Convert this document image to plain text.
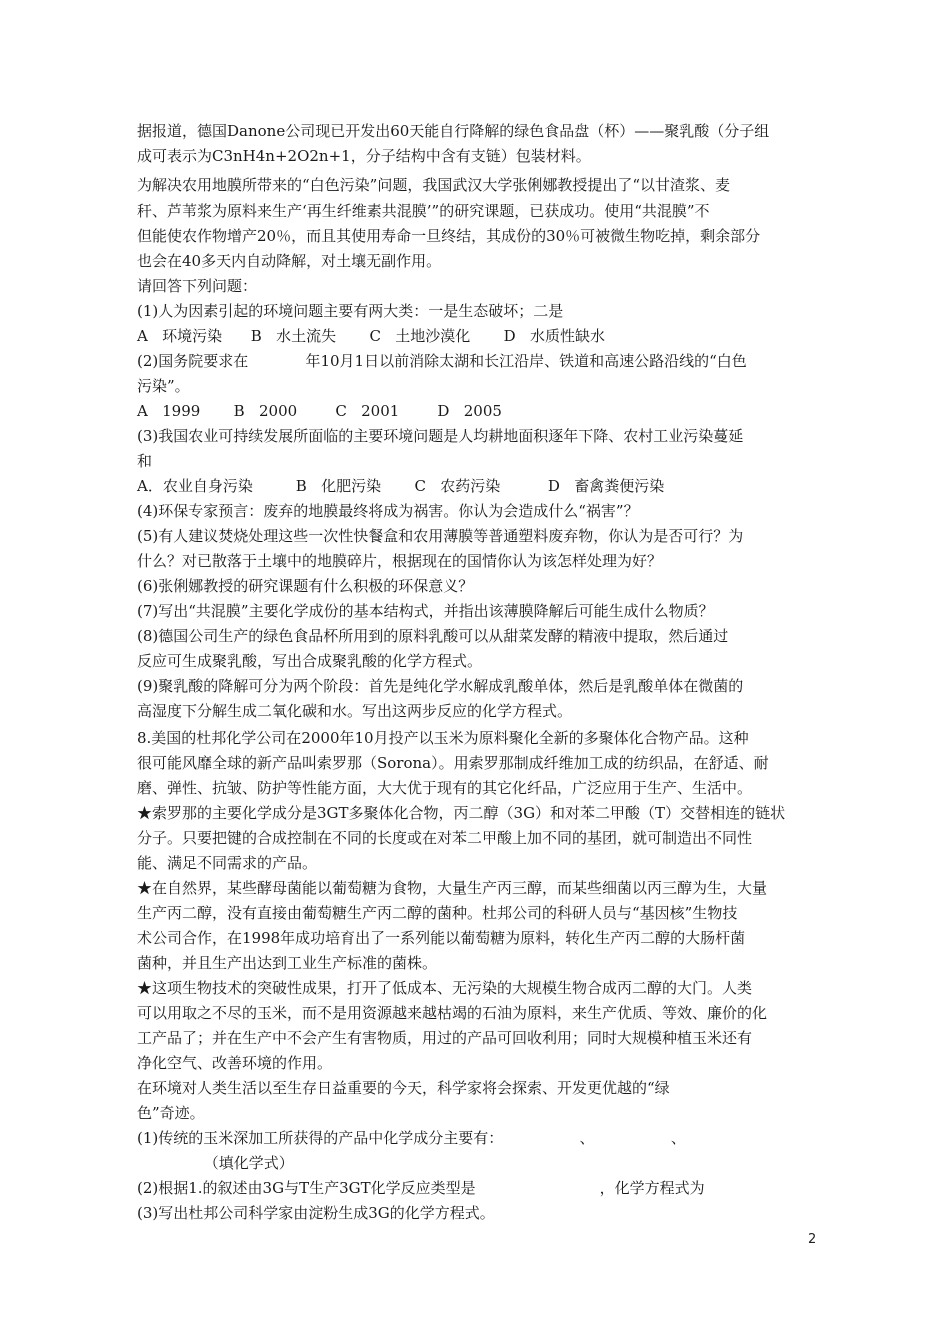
据报道，德国Danone公司现已开发出60天能自行降解的绿色食品盘（杯）——聚乳酸（分子组
成可表示为C3nH4n+2O2n+1，分子结构中含有支链）包装材料。
为解决农用地膜所带来的“白色污染”问题，我国武汉大学张俐娜教授提出了“以甘渣浆、麦
秆、芦苇浆为原料来生产‘再生纤维素共混膜’”的研究课题，已获成功。使用“共混膜”不
但能使农作物增产20％，而且其使用寿命一旦终结，其成份的30％可被微生物吃掉，剩余部分
也会在40多天内自动降解，对土壤无副作用。
请回答下列问题：
(1)人为因素引起的环境问题主要有两大类：一是生态破坏；二是
A   环境污染      B   水土流失       C   土地沙漠化       D   水质性缺水
(2)国务院要求在            年10月1日以前消除太湖和长江沿岸、铁道和高速公路沿线的“白色
污染”。
A   1999       B   2000        C   2001        D   2005
(3)我国农业可持续发展所面临的主要环境问题是人均耕地面积逐年下降、农村工业污染蔓延
和
A．农业自身污染         B   化肥污染       C   农药污染          D   畜禽粪便污染
(4)环保专家预言：废弃的地膜最终将成为祸害。你认为会造成什么“祸害”？
(5)有人建议焚烧处理这些一次性快餐盒和农用薄膜等普通塑料废弃物，你认为是否可行？为
什么？对已散落于土壤中的地膜碎片，根据现在的国情你认为该怎样处理为好？
(6)张俐娜教授的研究课题有什么积极的环保意义？
(7)写出“共混膜”主要化学成份的基本结构式，并指出该薄膜降解后可能生成什么物质？
(8)德国公司生产的绿色食品杯所用到的原料乳酸可以从甜菜发酵的精液中提取，然后通过
反应可生成聚乳酸，写出合成聚乳酸的化学方程式。
(9)聚乳酸的降解可分为两个阶段：首先是纯化学水解成乳酸单体，然后是乳酸单体在微菌的
高湿度下分解生成二氧化碳和水。写出这两步反应的化学方程式。
8.美国的杜邦化学公司在2000年10月投产以玉米为原料聚化全新的多聚体化合物产品。这种
很可能风靡全球的新产品叫索罗那（Sorona）。用索罗那制成纤维加工成的纺织品，在舒适、耐
磨、弹性、抗皱、防护等性能方面，大大优于现有的其它化纤品，广泛应用于生产、生活中。
★索罗那的主要化学成分是3GT多聚体化合物，丙二醇（3G）和对苯二甲酸（T）交替相连的链状
分子。只要把键的合成控制在不同的长度或在对苯二甲酸上加不同的基团，就可制造出不同性
能、满足不同需求的产品。
★在自然界，某些酵母菌能以葡萄糖为食物，大量生产丙三醇，而某些细菌以丙三醇为生，大量
生产丙二醇，没有直接由葡萄糖生产丙二醇的菌种。杜邦公司的科研人员与“基因核”生物技
术公司合作，在1998年成功培育出了一系列能以葡萄糖为原料，转化生产丙二醇的大肠杆菌
菌种，并且生产出达到工业生产标准的菌株。
★这项生物技术的突破性成果，打开了低成本、无污染的大规模生物合成丙二醇的大门。人类
可以用取之不尽的玉米，而不是用资源越来越枯竭的石油为原料，来生产优质、等效、廉价的化
工产品了；并在生产中不会产生有害物质，用过的产品可回收利用；同时大规模种植玉米还有
净化空气、改善环境的作用。
在环境对人类生活以至生存日益重要的今天，科学家将会探索、开发更优越的“绿
色”奇迹。
(1)传统的玉米深加工所获得的产品中化学成分主要有：                、                、
（填化学式）
(2)根据1.的叙述由3G与T生产3GT化学反应类型是                          ，化学方程式为
(3)写出杜邦公司科学家由淀粉生成3G的化学方程式。
2
